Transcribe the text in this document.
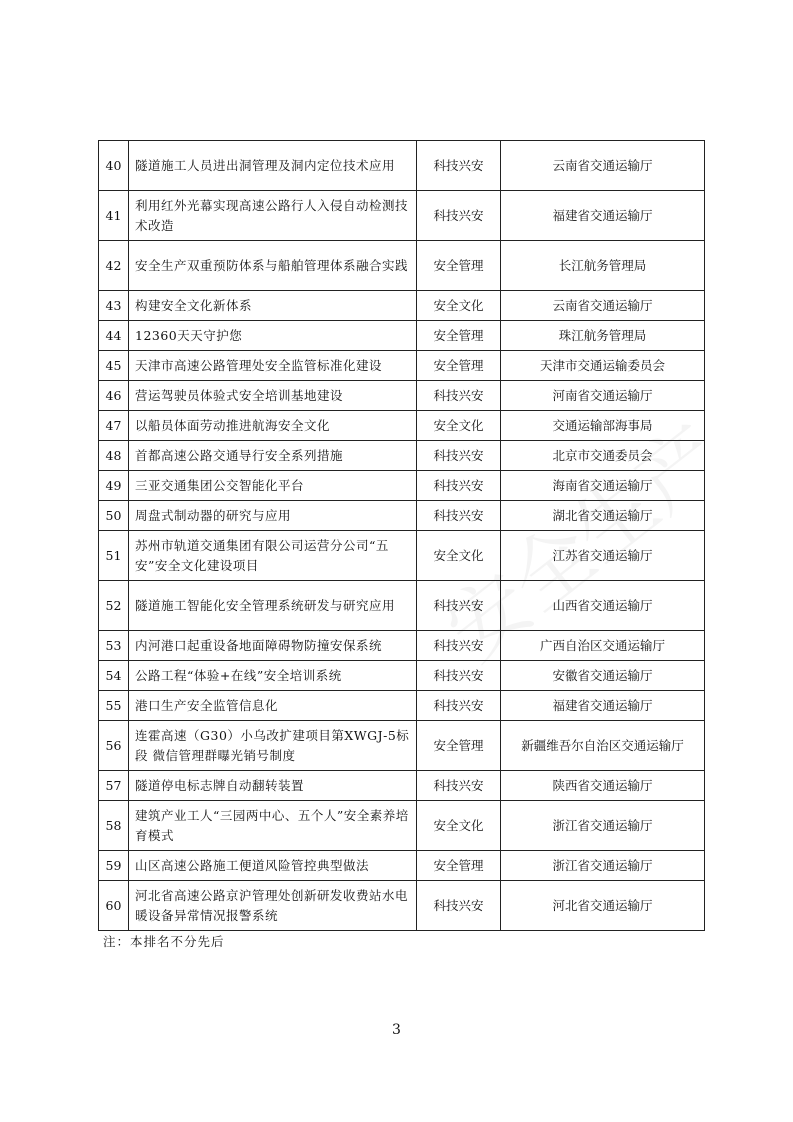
40	隧道施工人员进出洞管理及洞内定位技术应用	科技兴安	云南省交通运输厅
41	利用红外光幕实现高速公路行人入侵自动检测技术改造	科技兴安	福建省交通运输厅
42	安全生产双重预防体系与船舶管理体系融合实践	安全管理	长江航务管理局
43	构建安全文化新体系	安全文化	云南省交通运输厅
44	12360天天守护您	安全管理	珠江航务管理局
45	天津市高速公路管理处安全监管标准化建设	安全管理	天津市交通运输委员会
46	营运驾驶员体验式安全培训基地建设	科技兴安	河南省交通运输厅
47	以船员体面劳动推进航海安全文化	安全文化	交通运输部海事局
48	首都高速公路交通导行安全系列措施	科技兴安	北京市交通委员会
49	三亚交通集团公交智能化平台	科技兴安	海南省交通运输厅
50	周盘式制动器的研究与应用	科技兴安	湖北省交通运输厅
51	苏州市轨道交通集团有限公司运营分公司“五安”安全文化建设项目	安全文化	江苏省交通运输厅
52	隧道施工智能化安全管理系统研发与研究应用	科技兴安	山西省交通运输厅
53	内河港口起重设备地面障碍物防撞安保系统	科技兴安	广西自治区交通运输厅
54	公路工程“体验+在线”安全培训系统	科技兴安	安徽省交通运输厅
55	港口生产安全监管信息化	科技兴安	福建省交通运输厅
56	连霍高速（G30）小乌改扩建项目第XWGJ-5标段 微信管理群曝光销号制度	安全管理	新疆维吾尔自治区交通运输厅
57	隧道停电标志牌自动翻转装置	科技兴安	陕西省交通运输厅
58	建筑产业工人“三园两中心、五个人”安全素养培育模式	安全文化	浙江省交通运输厅
59	山区高速公路施工便道风险管控典型做法	安全管理	浙江省交通运输厅
60	河北省高速公路京沪管理处创新研发收费站水电暖设备异常情况报警系统	科技兴安	河北省交通运输厅
注：本排名不分先后
3
